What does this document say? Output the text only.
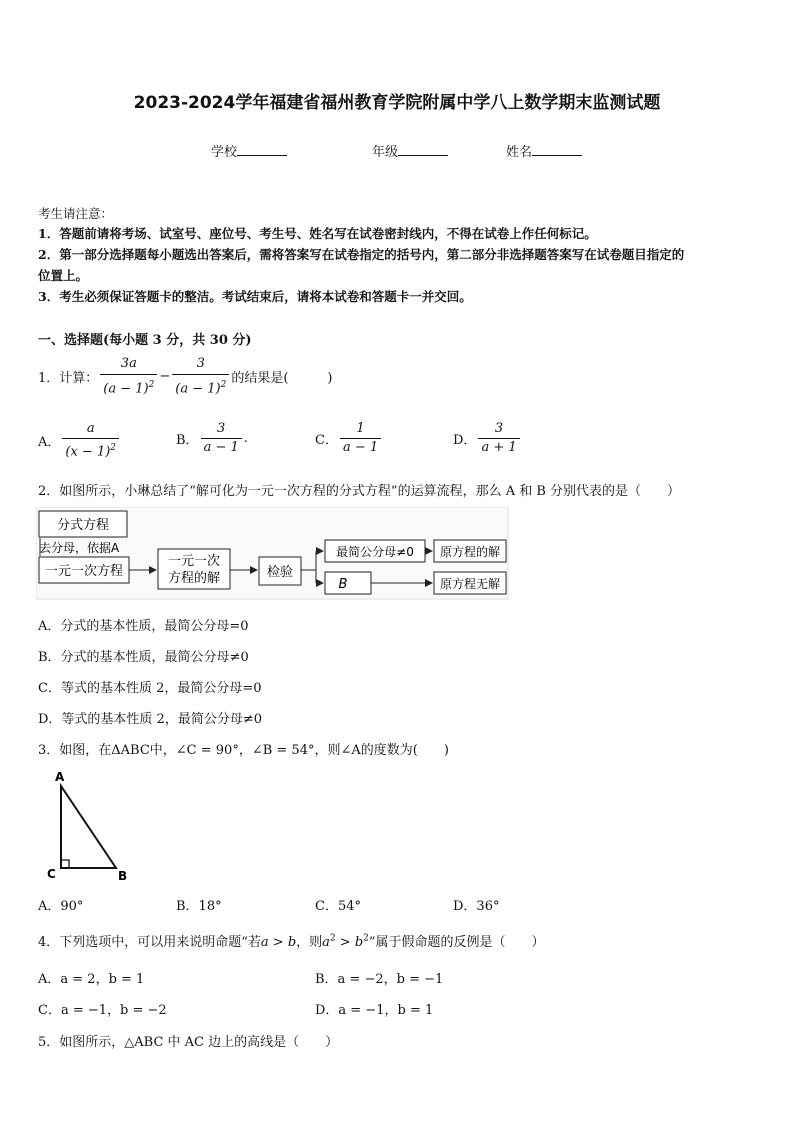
2023-2024学年福建省福州教育学院附属中学八上数学期末监测试题
学校	年级	姓名
考生请注意：
1．答题前请将考场、试室号、座位号、考生号、姓名写在试卷密封线内，不得在试卷上作任何标记。
2．第一部分选择题每小题选出答案后，需将答案写在试卷指定的括号内，第二部分非选择题答案写在试卷题目指定的
位置上。
3．考生必须保证答题卡的整洁。考试结束后，请将本试卷和答题卡一并交回。
一、选择题(每小题 3 分，共 30 分)
1．计算： $\frac{3a}{(a - 1)^2} - \frac{3}{(a - 1)^2}$ 的结果是(　　　)
A． $\frac{a}{(x - 1)^2}$	B． $\frac{3}{a - 1}$ .	C． $\frac{1}{a - 1}$	D． $\frac{3}{a + 1}$
2．如图所示，小琳总结了“解可化为一元一次方程的分式方程”的运算流程，那么 A 和 B 分别代表的是（　　）
分式方程
去分母，依据A
一元一次方程
一元一次
方程的解	检验
最简公分母≠0
B
原方程的解
原方程无解
A．分式的基本性质，最简公分母=0
B．分式的基本性质，最简公分母≠0
C．等式的基本性质 2，最简公分母=0
D．等式的基本性质 2，最简公分母≠0
3．如图，在ΔABC中，∠C = 90°，∠B = 54°，则∠A的度数为(　　)
A
C	B
A．90°	B．18°	C．54°	D．36°
4．下列选项中，可以用来说明命题“若a > b，则$a^2 > b^2$”属于假命题的反例是（　　）
A．a = 2，b = 1	B．a = −2，b = −1
C．a = −1，b = −2	D．a = −1，b = 1
5．如图所示，△ABC 中 AC 边上的高线是（　　）
